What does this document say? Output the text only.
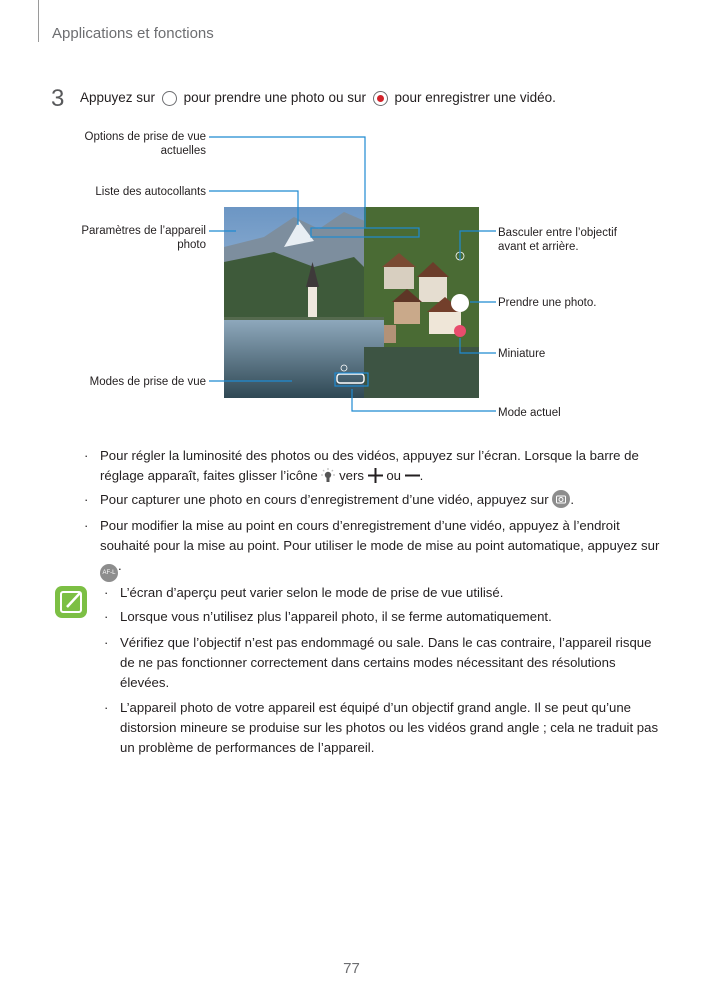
Applications et fonctions
3 Appuyez sur pour prendre une photo ou sur pour enregistrer une vidéo.
Options de prise de vue
actuelles
Liste des autocollants
Paramètres de l’appareil
photo
Modes de prise de vue
Basculer entre l’objectif
avant et arrière.
Prendre une photo.
Miniature
Mode actuel
· Pour régler la luminosité des photos ou des vidéos, appuyez sur l’écran. Lorsque la barre de réglage apparaît, faites glisser l’icône vers ou .
· Pour capturer une photo en cours d’enregistrement d’une vidéo, appuyez sur .
· Pour modifier la mise au point en cours d’enregistrement d’une vidéo, appuyez à l’endroit souhaité pour la mise au point. Pour utiliser le mode de mise au point automatique, appuyez sur AF-L .
· L’écran d’aperçu peut varier selon le mode de prise de vue utilisé.
· Lorsque vous n’utilisez plus l’appareil photo, il se ferme automatiquement.
· Vérifiez que l’objectif n’est pas endommagé ou sale. Dans le cas contraire, l’appareil risque de ne pas fonctionner correctement dans certains modes nécessitant des résolutions élevées.
· L’appareil photo de votre appareil est équipé d’un objectif grand angle. Il se peut qu’une distorsion mineure se produise sur les photos ou les vidéos grand angle ; cela ne traduit pas un problème de performances de l’appareil.
77
